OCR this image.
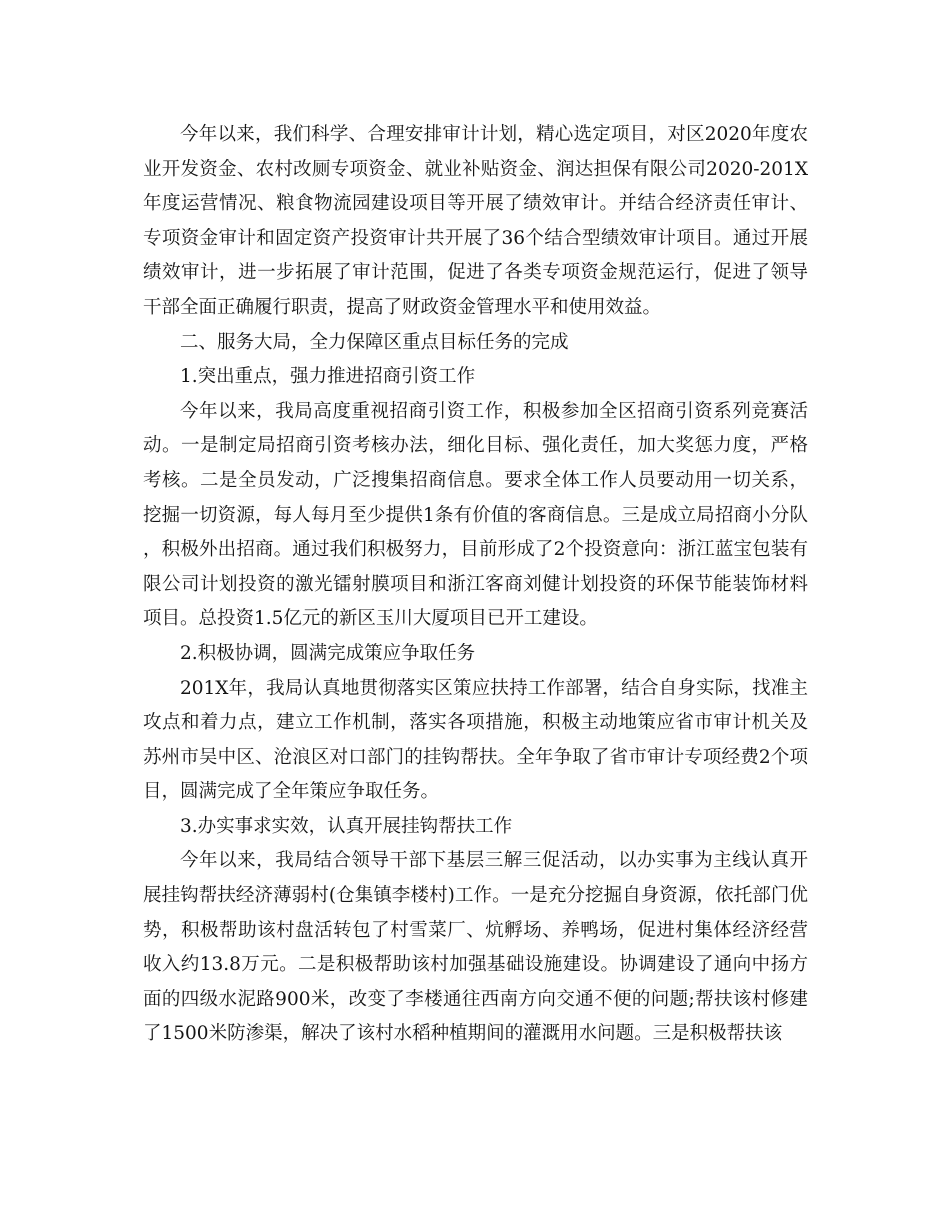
今年以来，我们科学、合理安排审计计划，精心选定项目，对区2020年度农业开发资金、农村改厕专项资金、就业补贴资金、润达担保有限公司2020-201X年度运营情况、粮食物流园建设项目等开展了绩效审计。并结合经济责任审计、专项资金审计和固定资产投资审计共开展了36个结合型绩效审计项目。通过开展绩效审计，进一步拓展了审计范围，促进了各类专项资金规范运行，促进了领导干部全面正确履行职责，提高了财政资金管理水平和使用效益。

二、服务大局，全力保障区重点目标任务的完成

1.突出重点，强力推进招商引资工作

今年以来，我局高度重视招商引资工作，积极参加全区招商引资系列竞赛活动。一是制定局招商引资考核办法，细化目标、强化责任，加大奖惩力度，严格考核。二是全员发动，广泛搜集招商信息。要求全体工作人员要动用一切关系，挖掘一切资源，每人每月至少提供1条有价值的客商信息。三是成立局招商小分队，积极外出招商。通过我们积极努力，目前形成了2个投资意向：浙江蓝宝包装有限公司计划投资的激光镭射膜项目和浙江客商刘健计划投资的环保节能装饰材料项目。总投资1.5亿元的新区玉川大厦项目已开工建设。

2.积极协调，圆满完成策应争取任务

201X年，我局认真地贯彻落实区策应扶持工作部署，结合自身实际，找准主攻点和着力点，建立工作机制，落实各项措施，积极主动地策应省市审计机关及苏州市吴中区、沧浪区对口部门的挂钩帮扶。全年争取了省市审计专项经费2个项目，圆满完成了全年策应争取任务。

3.办实事求实效，认真开展挂钩帮扶工作

今年以来，我局结合领导干部下基层三解三促活动，以办实事为主线认真开展挂钩帮扶经济薄弱村(仓集镇李楼村)工作。一是充分挖掘自身资源，依托部门优势，积极帮助该村盘活转包了村雪菜厂、炕孵场、养鸭场，促进村集体经济经营收入约13.8万元。二是积极帮助该村加强基础设施建设。协调建设了通向中扬方面的四级水泥路900米，改变了李楼通往西南方向交通不便的问题;帮扶该村修建了1500米防渗渠，解决了该村水稻种植期间的灌溉用水问题。三是积极帮扶该
